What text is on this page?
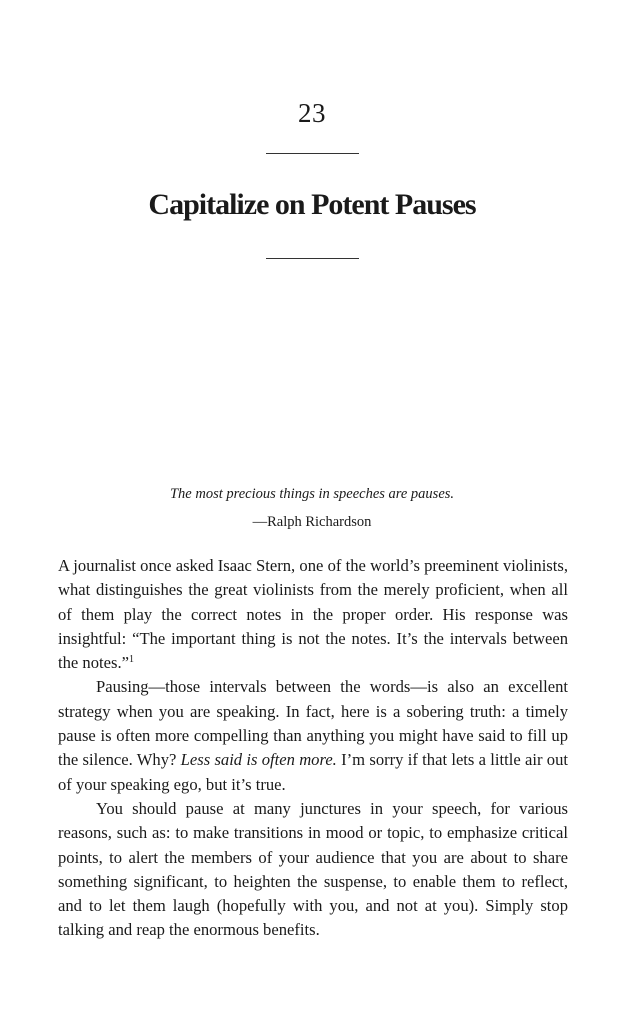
23
Capitalize on Potent Pauses
The most precious things in speeches are pauses.
—Ralph Richardson

A journalist once asked Isaac Stern, one of the world’s preeminent violinists, what distinguishes the great violinists from the merely proficient, when all of them play the correct notes in the proper order. His response was insightful: “The important thing is not the notes. It’s the intervals between the notes.”$^1$

Pausing—those intervals between the words—is also an excellent strategy when you are speaking. In fact, here is a sobering truth: a timely pause is often more compelling than anything you might have said to fill up the silence. Why? Less said is often more. I’m sorry if that lets a little air out of your speaking ego, but it’s true.

You should pause at many junctures in your speech, for various reasons, such as: to make transitions in mood or topic, to emphasize critical points, to alert the members of your audience that you are about to share something significant, to heighten the suspense, to enable them to reflect, and to let them laugh (hopefully with you, and not at you). Simply stop talking and reap the enormous benefits.
